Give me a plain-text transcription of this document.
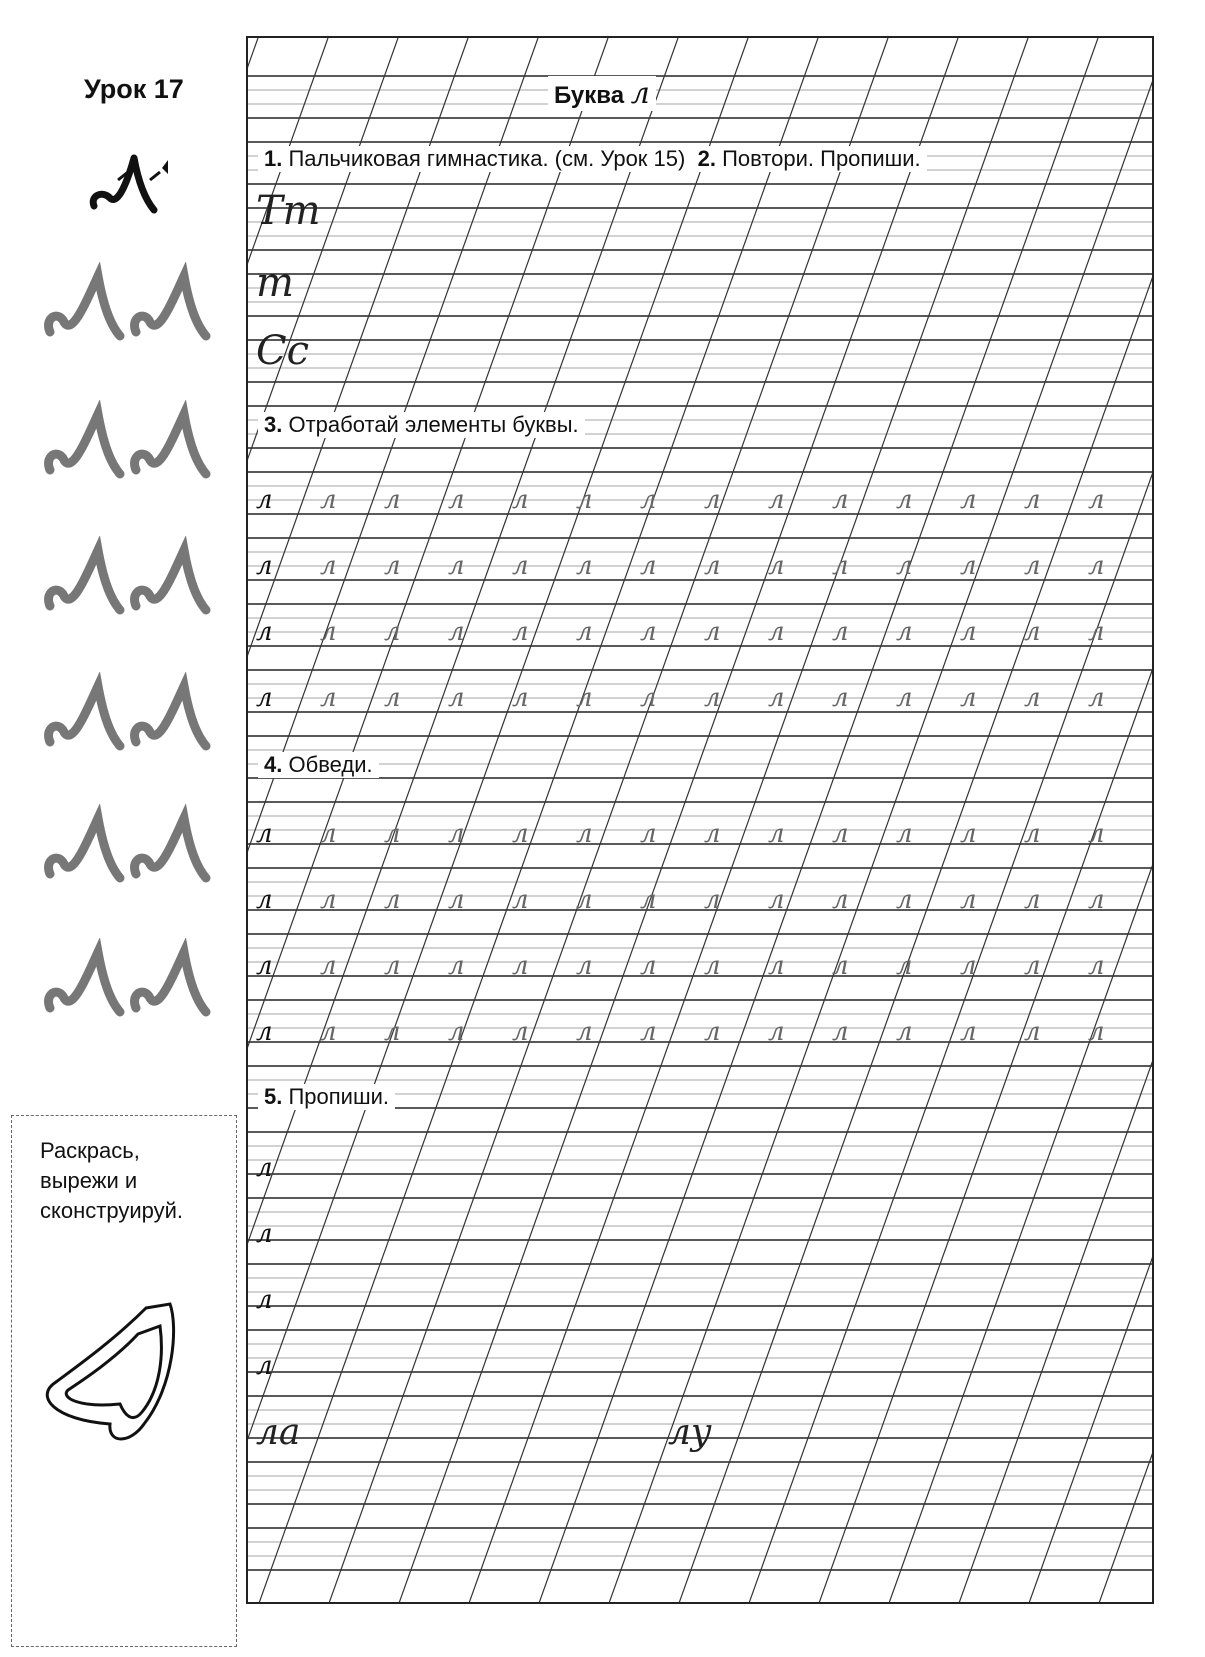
Урок 17
Раскрась,
вырежи и
сконструируй.
л л л л л л л л л л л л л л
л л л л л л л л л л л л л л
л л л л л л л л л л л л л л
л л л л л л л л л л л л л л
л л л л л л л л л л л л л л
л л л л л л л л л л л л л л
л л л л л л л л л л л л л л
л л л л л л л л л л л л л л
л
л
л
л
Буква л
1. Пальчиковая гимнастика. (см. Урок 15) 2. Повтори. Пропиши.
Тт
т
Сс
3. Отработай элементы буквы.
4. Обведи.
5. Пропиши.
ла	лу
